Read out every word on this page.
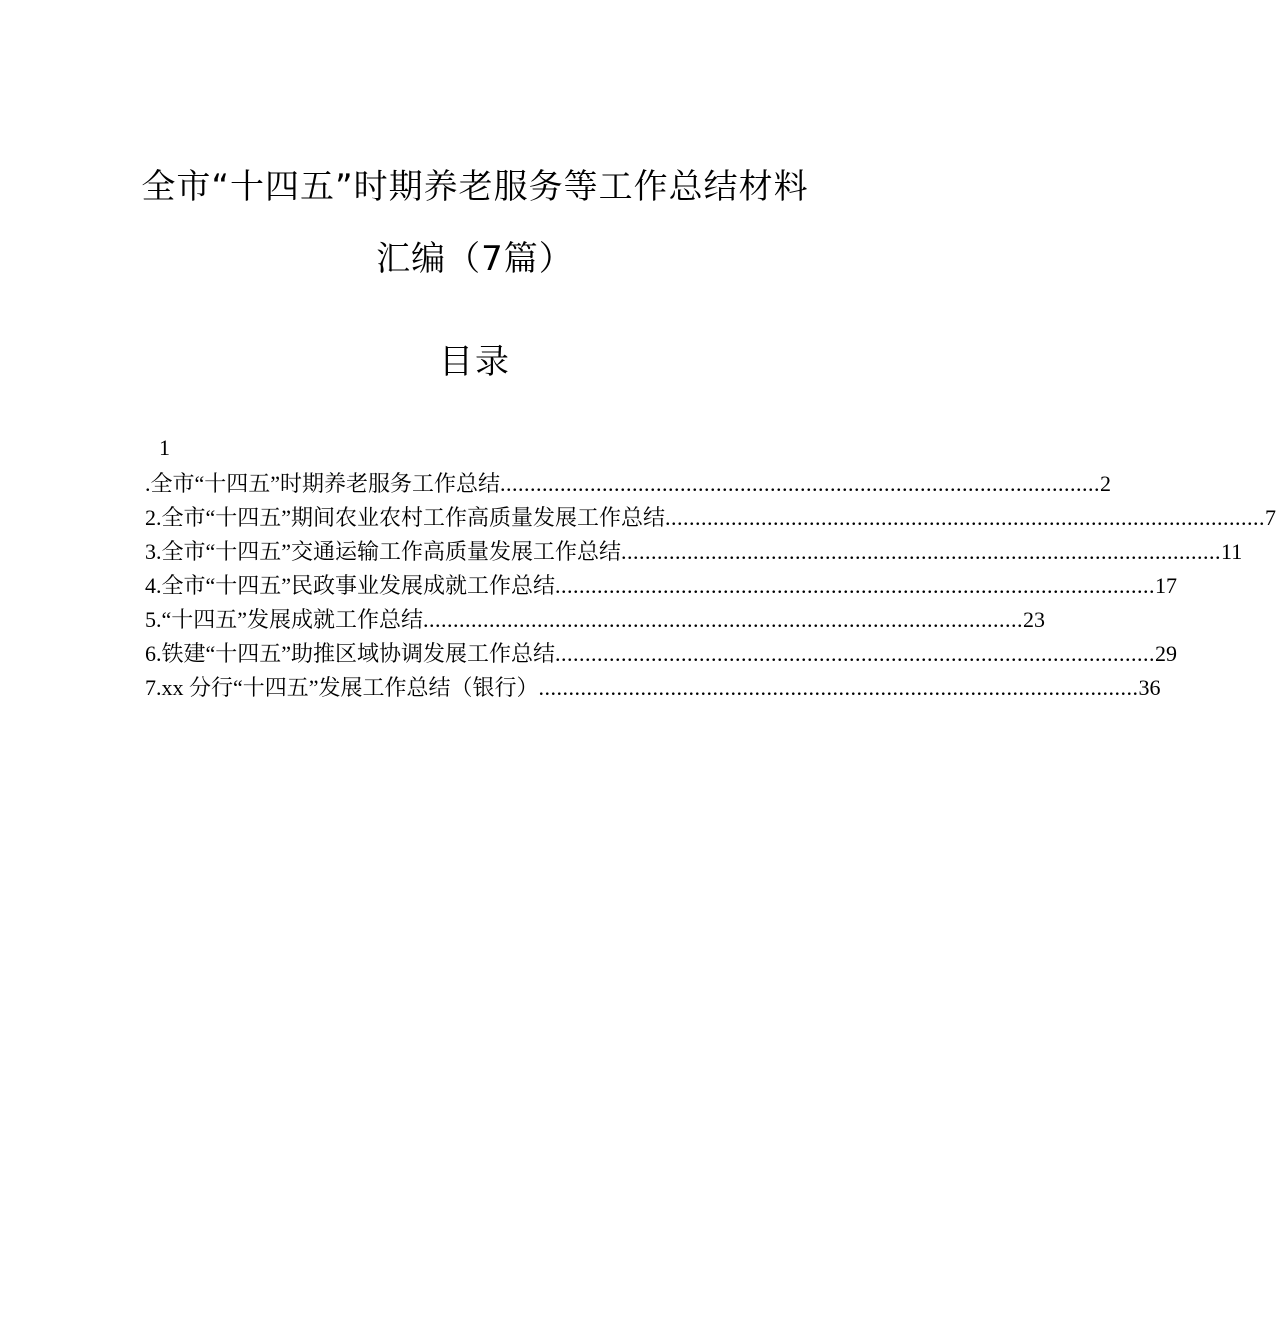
全市“十四五”时期养老服务等工作总结材料
汇编（7篇）
目录
1
.全市“十四五”时期养老服务工作总结 .................................................................................................... 2
2.全市“十四五”期间农业农村工作高质量发展工作总结 .................................................................................................... 7
3.全市“十四五”交通运输工作高质量发展工作总结 .................................................................................................... 11
4.全市“十四五”民政事业发展成就工作总结 .................................................................................................... 17
5.“十四五”发展成就工作总结 .................................................................................................... 23
6.铁建“十四五”助推区域协调发展工作总结 .................................................................................................... 29
7.xx 分行“十四五”发展工作总结（银行） .................................................................................................... 36
